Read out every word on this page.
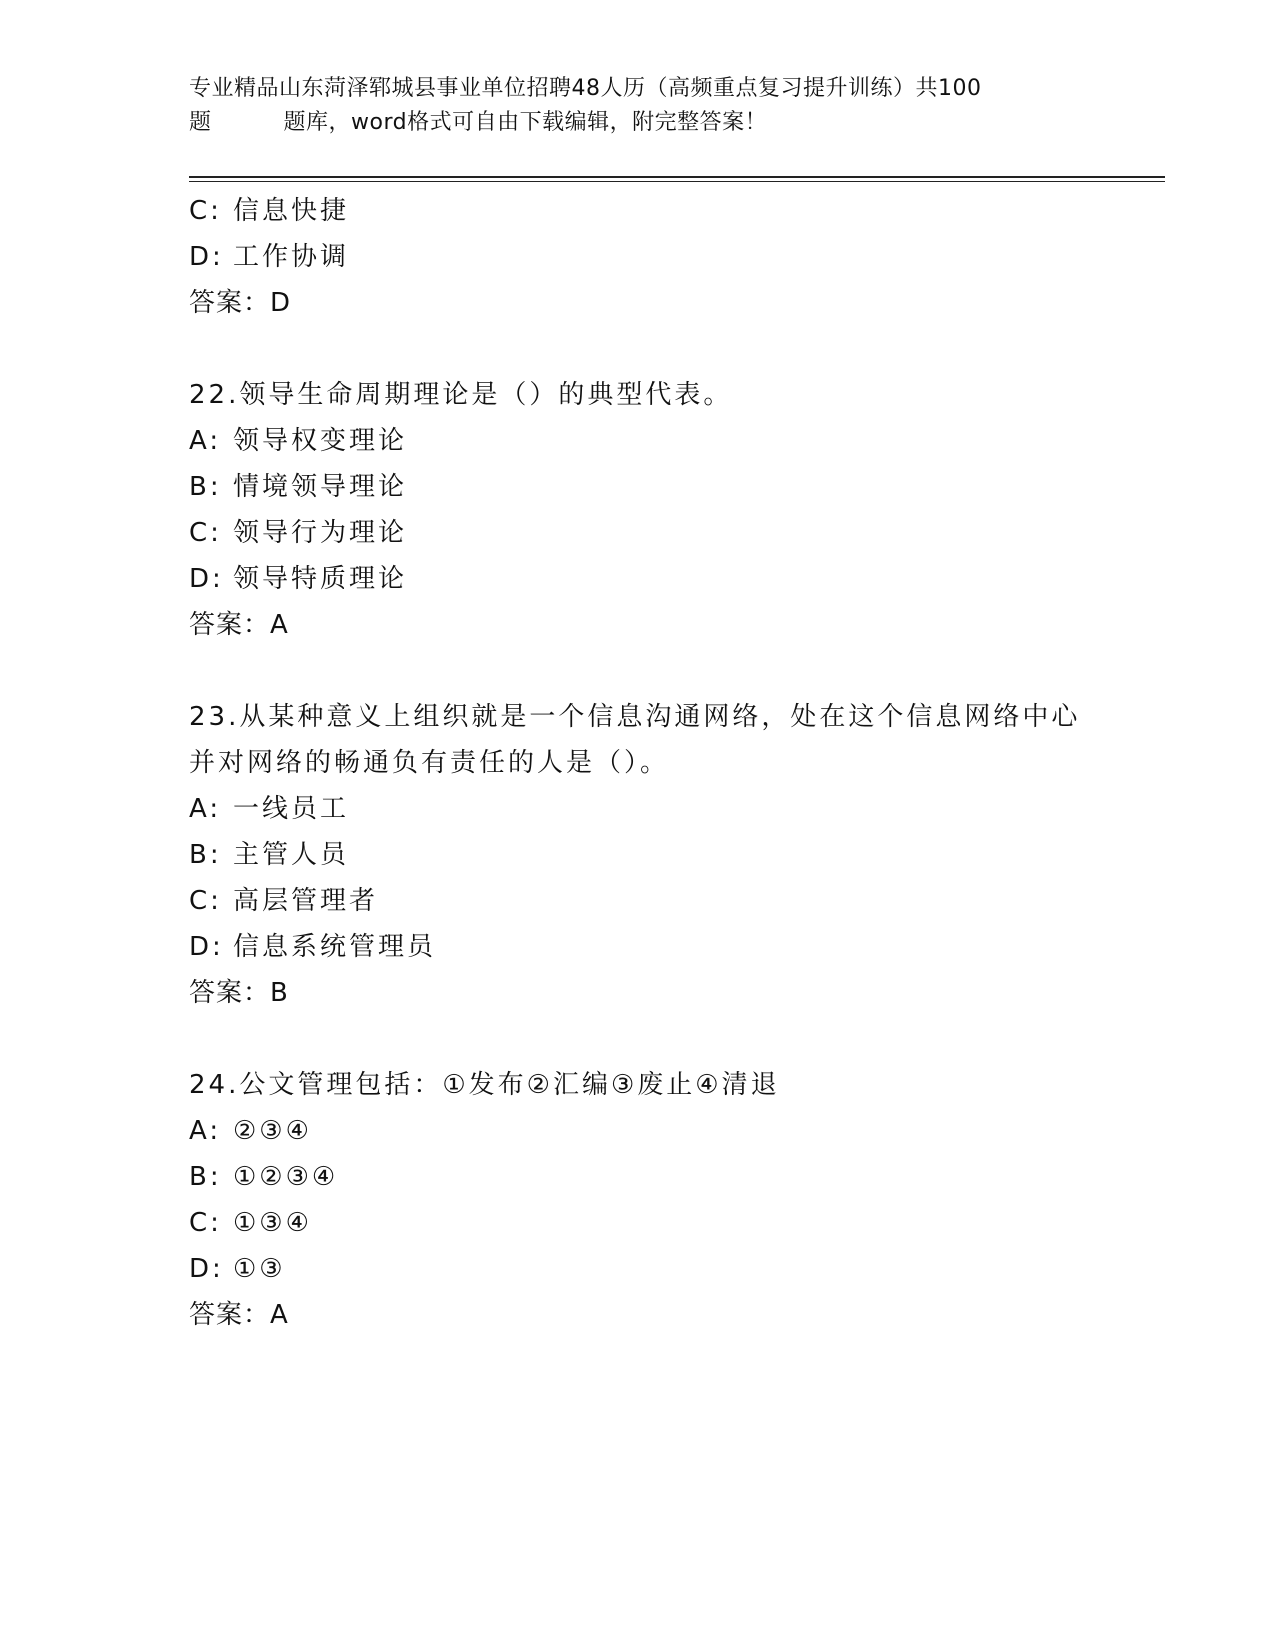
专业精品山东菏泽郓城县事业单位招聘48人历（高频重点复习提升训练）共100
题	题库，word格式可自由下载编辑，附完整答案！
C: 信息快捷
D: 工作协调
答案：D
22.领导生命周期理论是（）的典型代表。
A: 领导权变理论
B: 情境领导理论
C: 领导行为理论
D: 领导特质理论
答案：A
23.从某种意义上组织就是一个信息沟通网络，处在这个信息网络中心
并对网络的畅通负有责任的人是（）。
A: 一线员工
B: 主管人员
C: 高层管理者
D: 信息系统管理员
答案：B
24.公文管理包括：①发布②汇编③废止④清退
A: ②③④
B: ①②③④
C: ①③④
D: ①③
答案：A
